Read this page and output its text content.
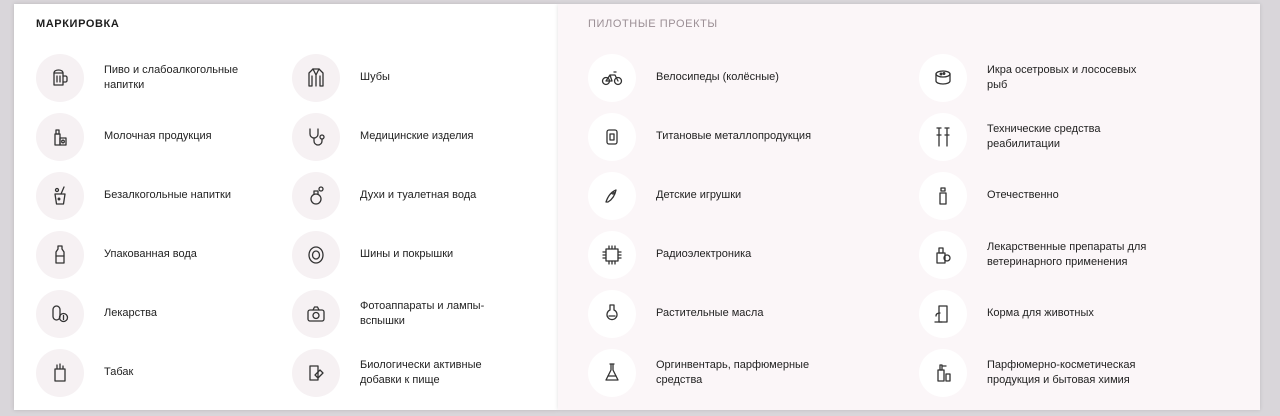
МАРКИРОВКА
Пиво и слабоалкогольные напитки
Молочная продукция
Безалкогольные напитки
Упакованная вода
Лекарства
Табак
Шубы
Медицинские изделия
Духи и туалетная вода
Шины и покрышки
Фотоаппараты и лампы-вспышки
Биологически активные добавки к пище
ПИЛОТНЫЕ ПРОЕКТЫ
Велосипеды (колёсные)
Титановые металлопродукция
Детские игрушки
Радиоэлектроника
Растительные масла
Оргинвентарь, парфюмерные средства
Икра осетровых и лососевых рыб
Технические средства реабилитации
Отечественно
Лекарственные препараты для ветеринарного применения
Корма для животных
Парфюмерно-косметическая продукция и бытовая химия
